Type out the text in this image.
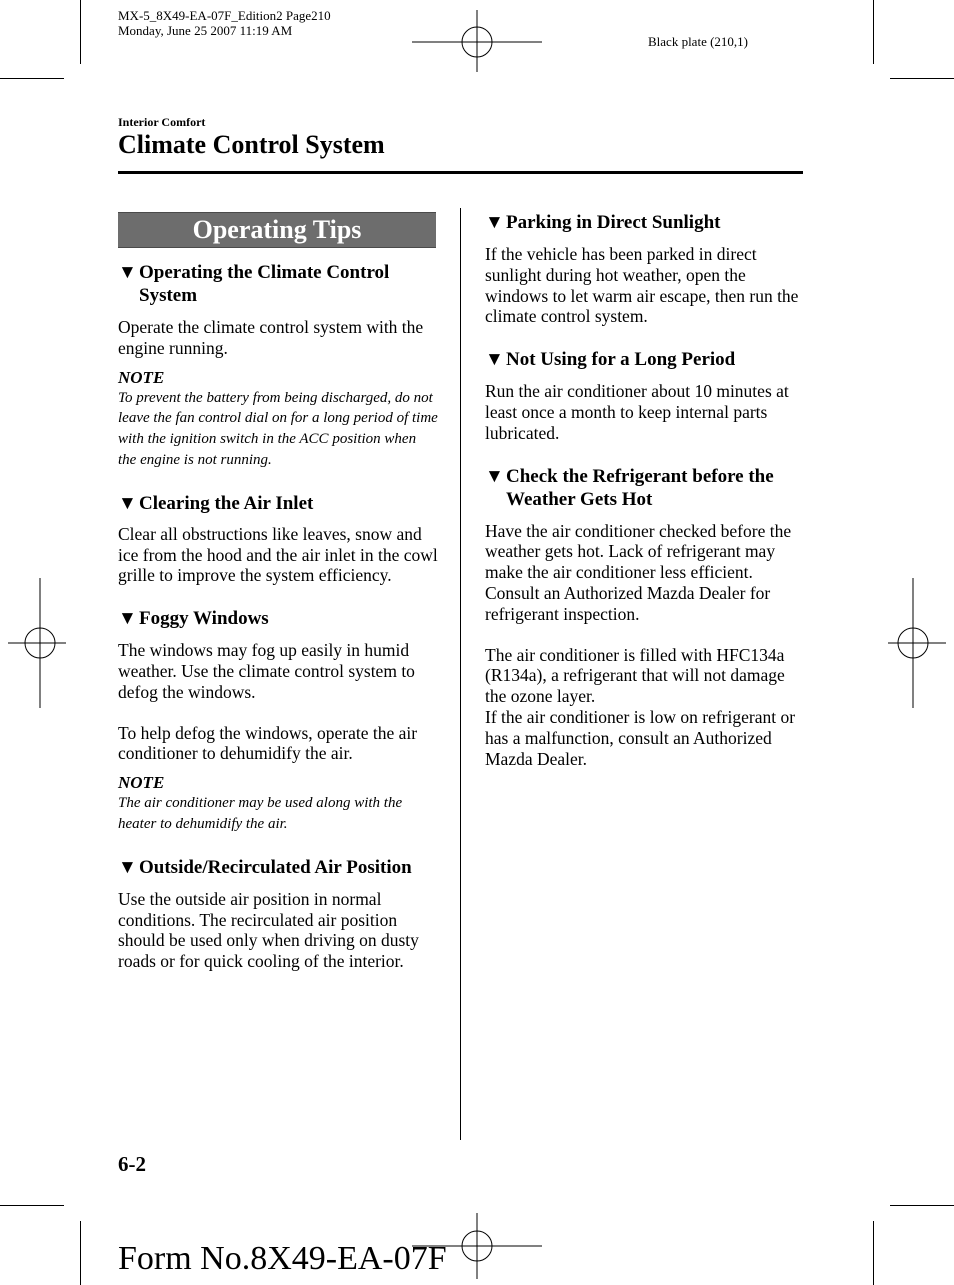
MX-5_8X49-EA-07F_Edition2 Page210
Monday, June 25 2007 11:19 AM
Black plate (210,1)
Interior Comfort
Climate Control System
Operating Tips
▼ Operating the Climate Control System

Operate the climate control system with the engine running.

NOTE

To prevent the battery from being discharged, do not leave the fan control dial on for a long period of time with the ignition switch in the ACC position when the engine is not running.

▼ Clearing the Air Inlet

Clear all obstructions like leaves, snow and ice from the hood and the air inlet in the cowl grille to improve the system efficiency.

▼ Foggy Windows

The windows may fog up easily in humid weather. Use the climate control system to defog the windows.

To help defog the windows, operate the air conditioner to dehumidify the air.

NOTE

The air conditioner may be used along with the heater to dehumidify the air.

▼ Outside/Recirculated Air Position

Use the outside air position in normal conditions. The recirculated air position should be used only when driving on dusty roads or for quick cooling of the interior.

▼ Parking in Direct Sunlight

If the vehicle has been parked in direct sunlight during hot weather, open the windows to let warm air escape, then run the climate control system.

▼ Not Using for a Long Period

Run the air conditioner about 10 minutes at least once a month to keep internal parts lubricated.

▼ Check the Refrigerant before the Weather Gets Hot

Have the air conditioner checked before the weather gets hot. Lack of refrigerant may make the air conditioner less efficient. Consult an Authorized Mazda Dealer for refrigerant inspection.

The air conditioner is filled with HFC134a (R134a), a refrigerant that will not damage the ozone layer.

If the air conditioner is low on refrigerant or has a malfunction, consult an Authorized Mazda Dealer.

6-2
Form No.8X49-EA-07F
